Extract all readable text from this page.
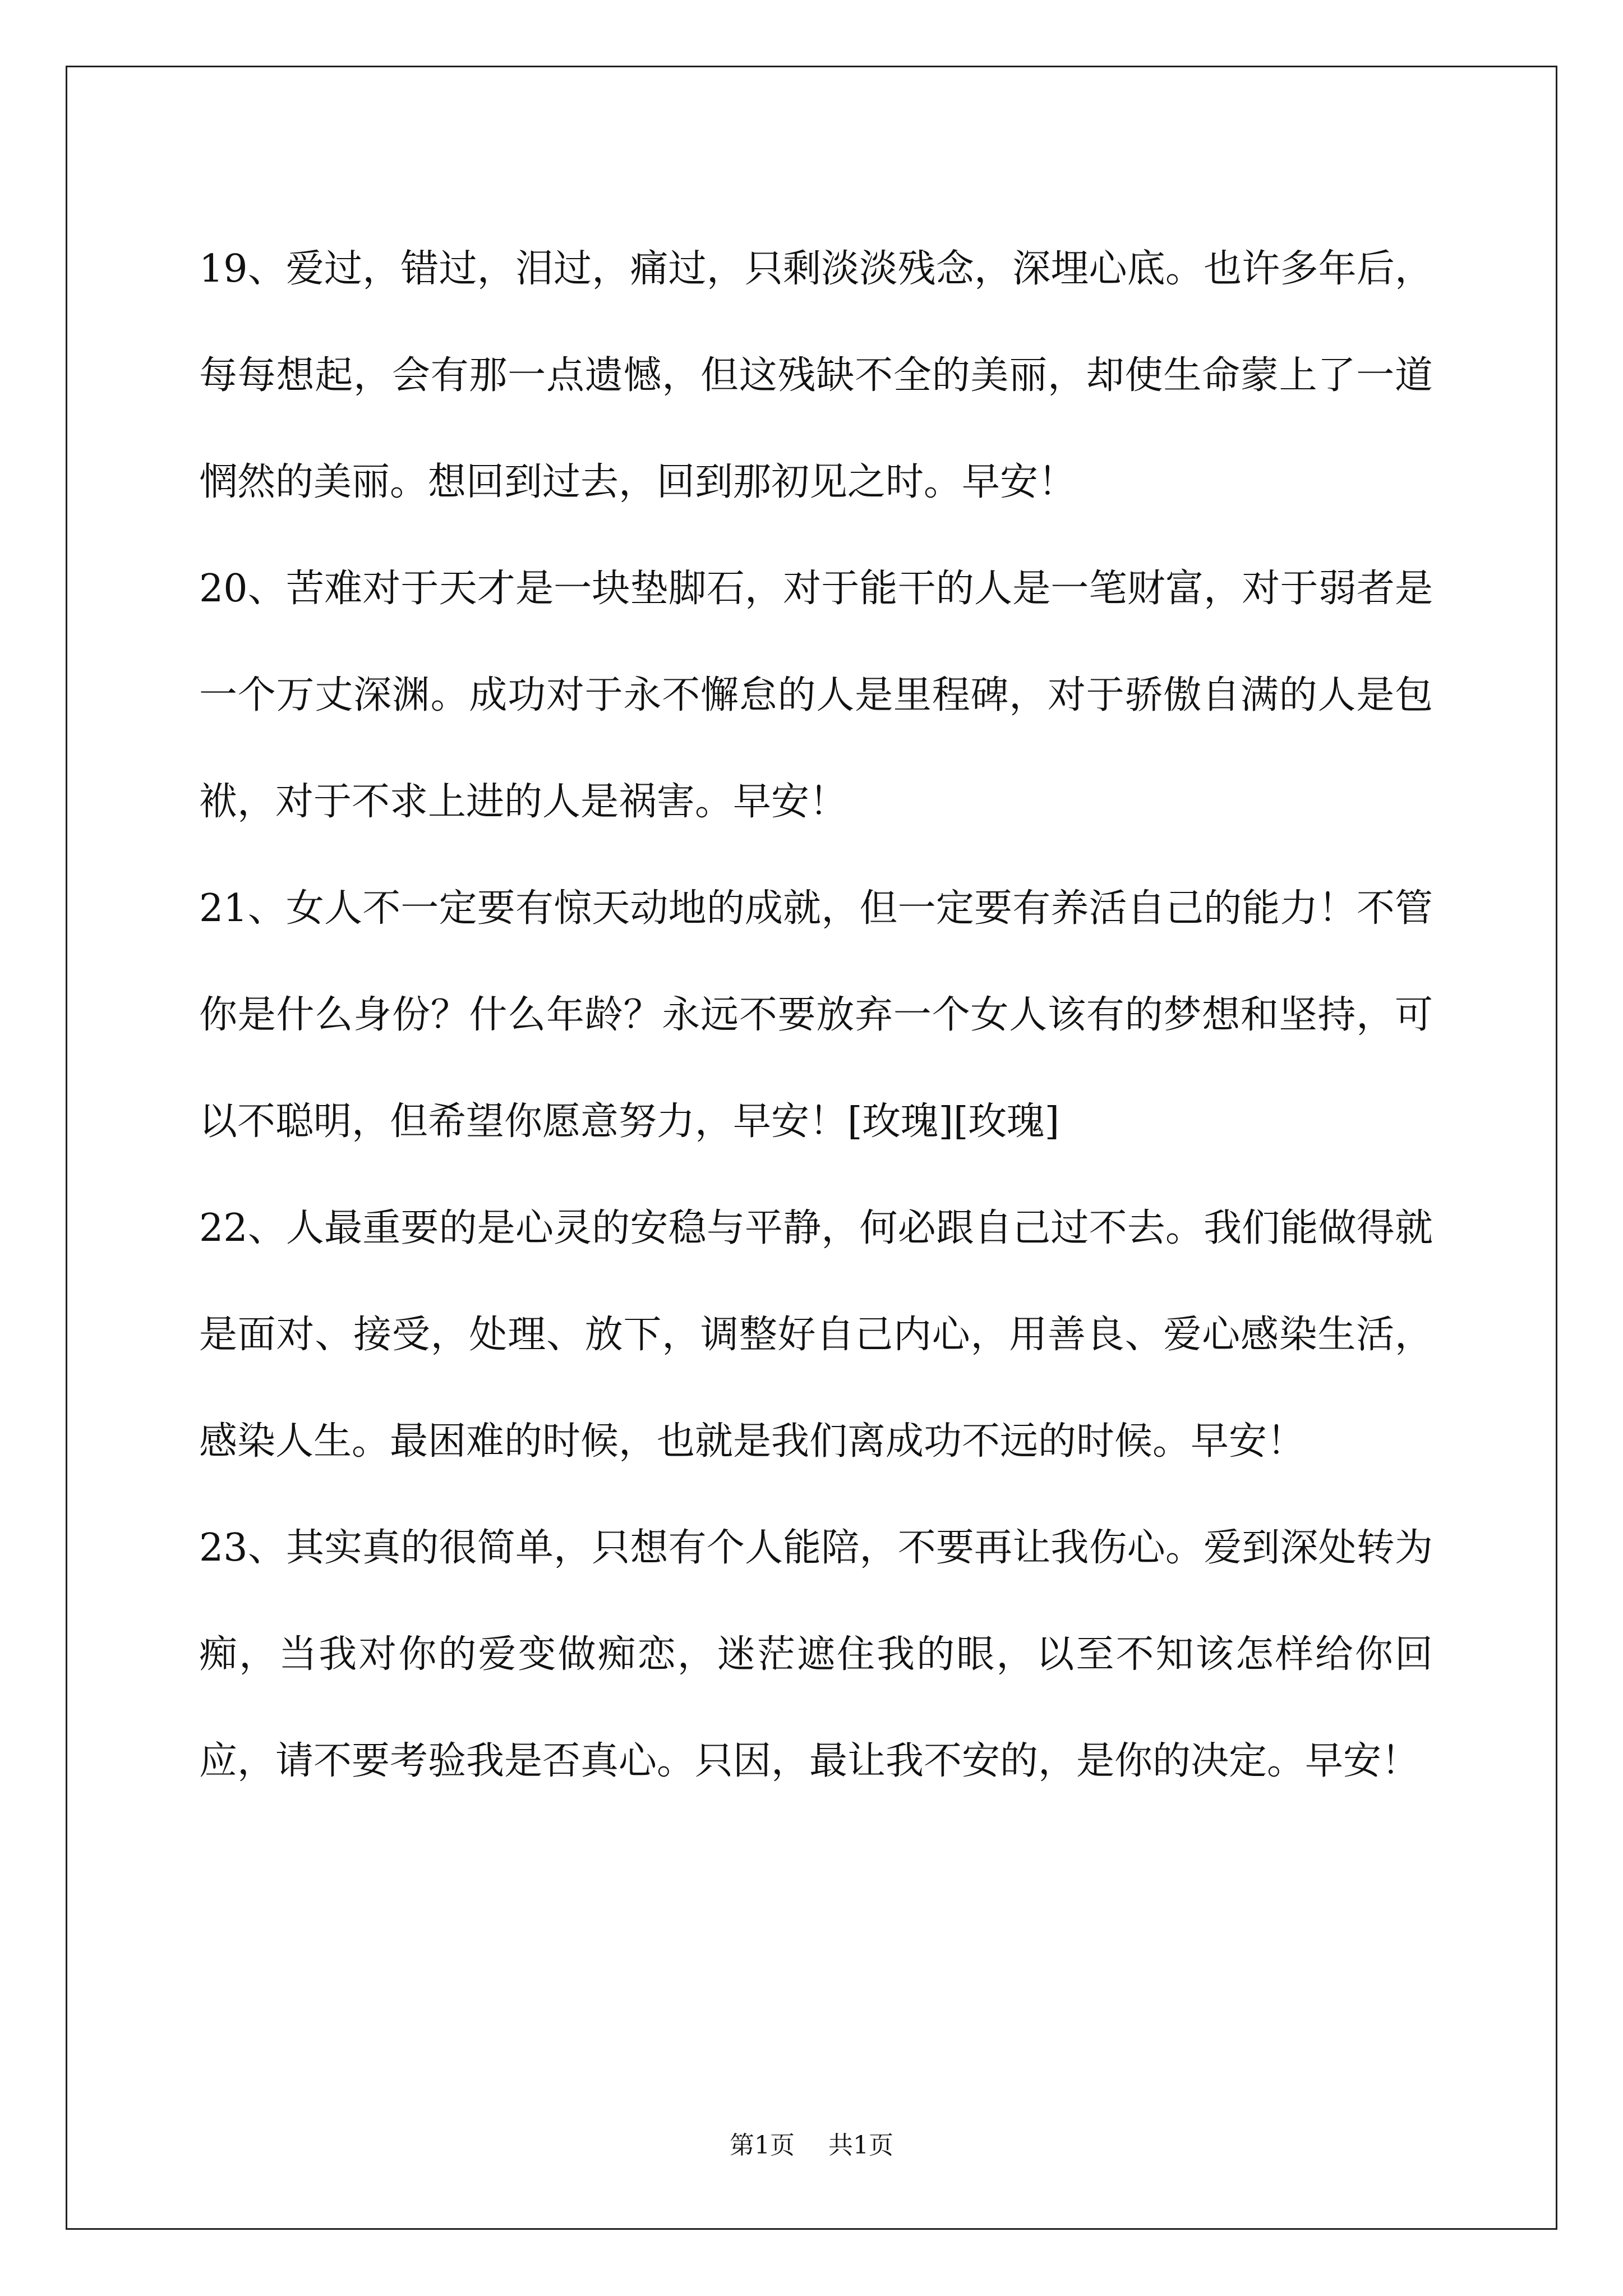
19、爱过，错过，泪过，痛过，只剩淡淡残念，深埋心底。也许多年后，每每想起，会有那一点遗憾，但这残缺不全的美丽，却使生命蒙上了一道惘然的美丽。想回到过去，回到那初见之时。早安！

20、苦难对于天才是一块垫脚石，对于能干的人是一笔财富，对于弱者是一个万丈深渊。成功对于永不懈怠的人是里程碑，对于骄傲自满的人是包袱，对于不求上进的人是祸害。早安！

21、女人不一定要有惊天动地的成就，但一定要有养活自己的能力！不管你是什么身份？什么年龄？永远不要放弃一个女人该有的梦想和坚持，可以不聪明，但希望你愿意努力，早安！[玫瑰][玫瑰]

22、人最重要的是心灵的安稳与平静，何必跟自己过不去。我们能做得就是面对、接受，处理、放下，调整好自己内心，用善良、爱心感染生活，感染人生。最困难的时候，也就是我们离成功不远的时候。早安！

23、其实真的很简单，只想有个人能陪，不要再让我伤心。爱到深处转为痴，当我对你的爱变做痴恋，迷茫遮住我的眼，以至不知该怎样给你回应，请不要考验我是否真心。只因，最让我不安的，是你的决定。早安！

第1页 共1页
